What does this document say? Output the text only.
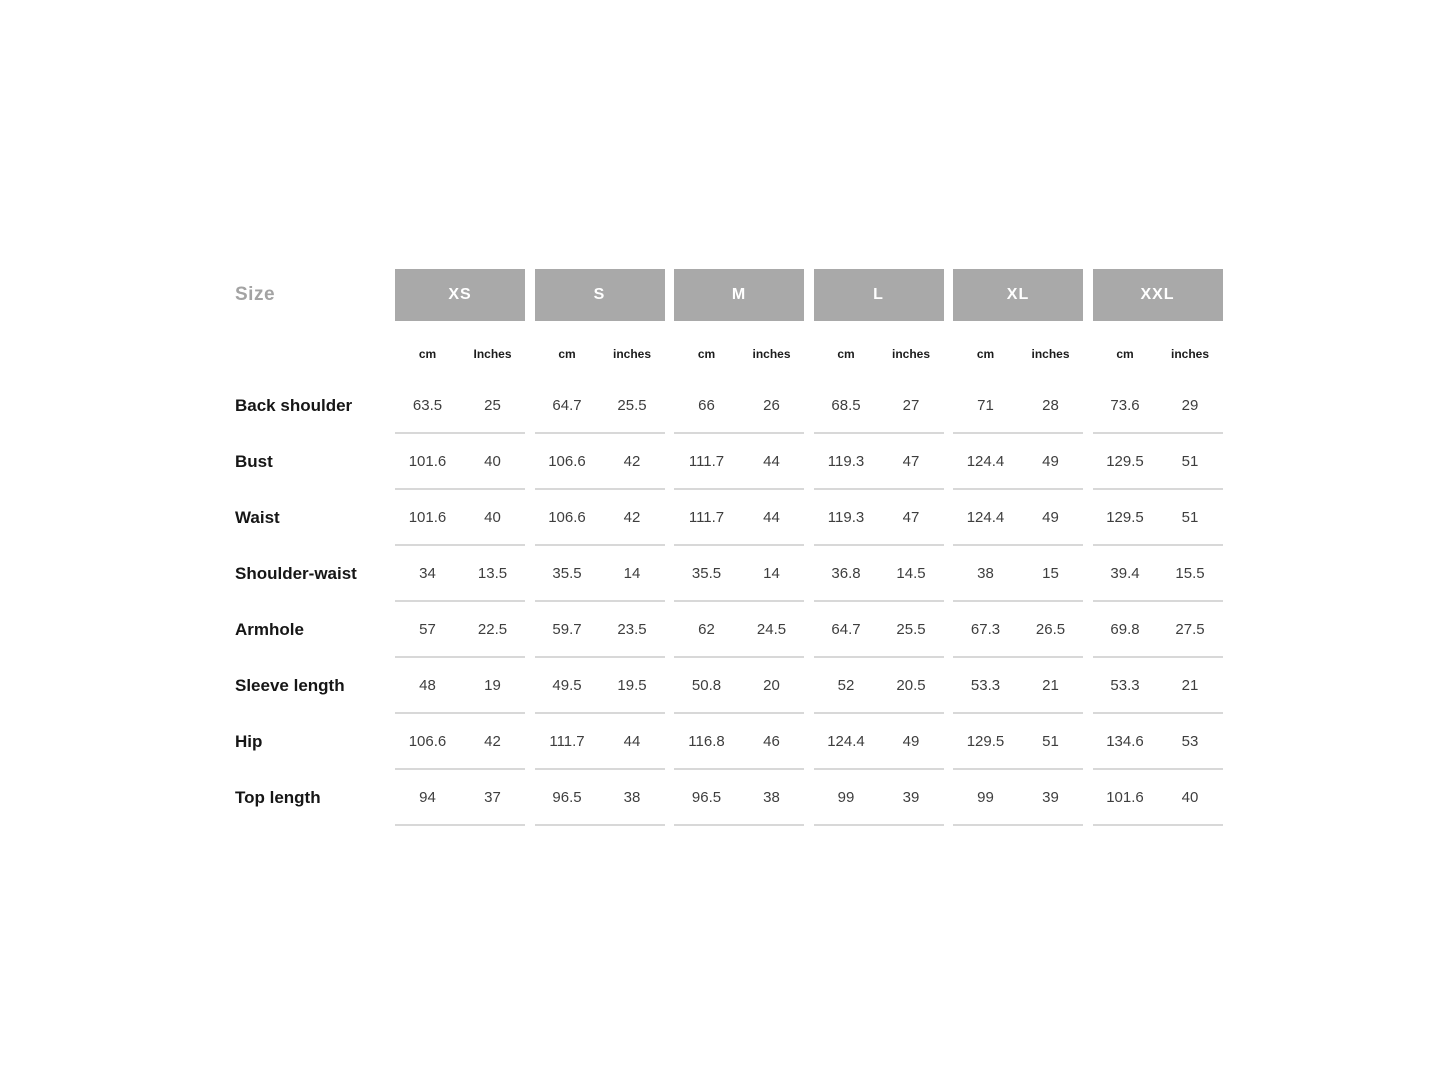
Size	XS	S	M	L	XL	XXL
cm	Inches	cm	inches	cm	inches	cm	inches	cm	inches	cm	inches
Back shoulder	63.5	25	64.7	25.5	66	26	68.5	27	71	28	73.6	29
Bust	101.6	40	106.6	42	111.7	44	119.3	47	124.4	49	129.5	51
Waist	101.6	40	106.6	42	111.7	44	119.3	47	124.4	49	129.5	51
Shoulder-waist	34	13.5	35.5	14	35.5	14	36.8	14.5	38	15	39.4	15.5
Armhole	57	22.5	59.7	23.5	62	24.5	64.7	25.5	67.3	26.5	69.8	27.5
Sleeve length	48	19	49.5	19.5	50.8	20	52	20.5	53.3	21	53.3	21
Hip	106.6	42	111.7	44	116.8	46	124.4	49	129.5	51	134.6	53
Top length	94	37	96.5	38	96.5	38	99	39	99	39	101.6	40
